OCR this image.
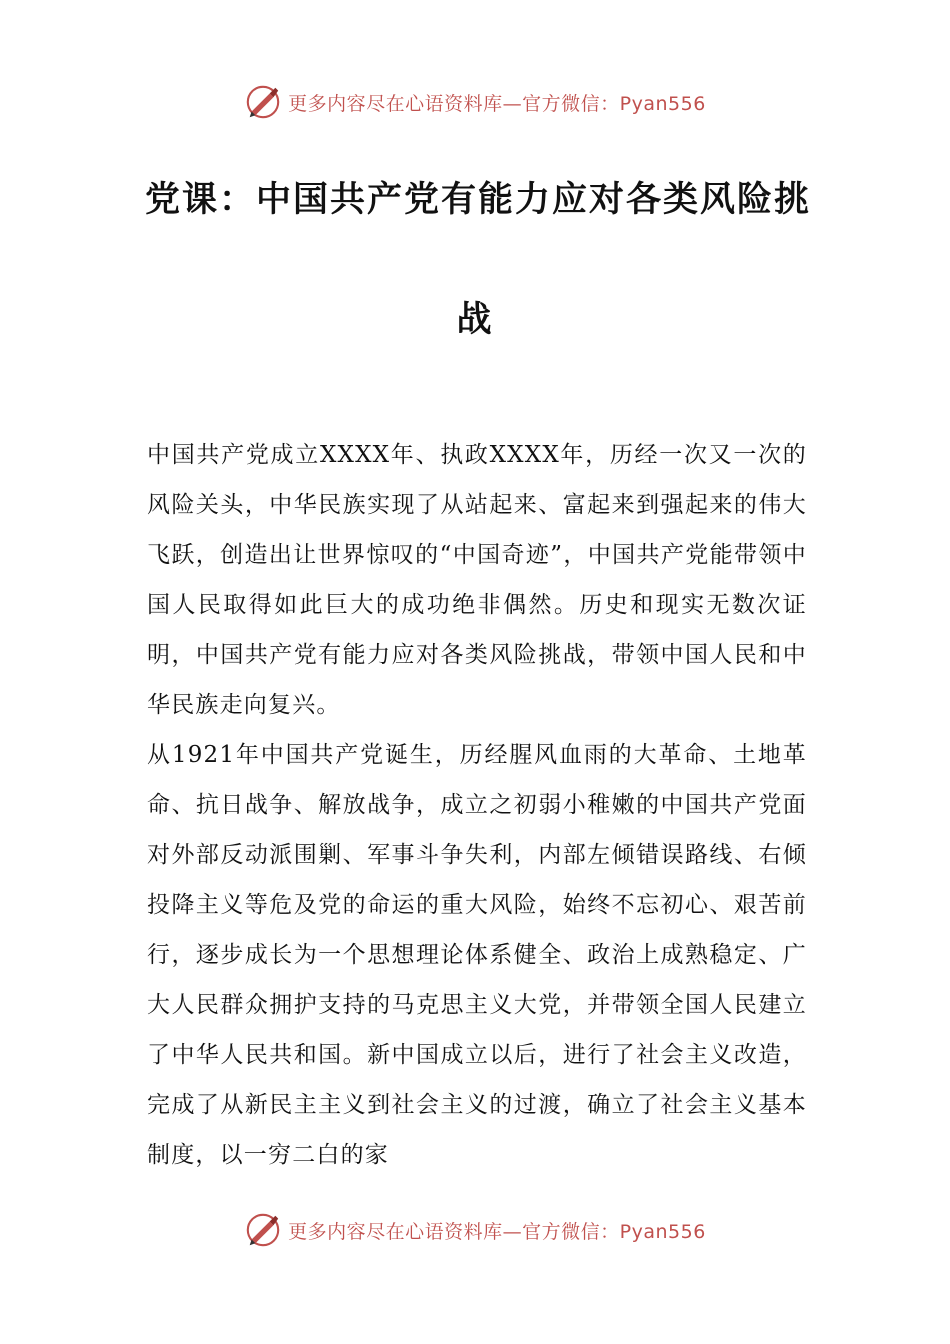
更多内容尽在心语资料库—官方微信：Pyan556
党课：中国共产党有能力应对各类风险挑
战

中国共产党成立XXXX年、执政XXXX年，历经一次又一次的风险关头，中华民族实现了从站起来、富起来到强起来的伟大飞跃，创造出让世界惊叹的“中国奇迹”，中国共产党能带领中国人民取得如此巨大的成功绝非偶然。历史和现实无数次证明，中国共产党有能力应对各类风险挑战，带领中国人民和中华民族走向复兴。

从1921年中国共产党诞生，历经腥风血雨的大革命、土地革命、抗日战争、解放战争，成立之初弱小稚嫩的中国共产党面对外部反动派围剿、军事斗争失利，内部左倾错误路线、右倾投降主义等危及党的命运的重大风险，始终不忘初心、艰苦前行，逐步成长为一个思想理论体系健全、政治上成熟稳定、广大人民群众拥护支持的马克思主义大党，并带领全国人民建立了中华人民共和国。新中国成立以后，进行了社会主义改造，完成了从新民主主义到社会主义的过渡，确立了社会主义基本制度，以一穷二白的家

更多内容尽在心语资料库—官方微信：Pyan556
